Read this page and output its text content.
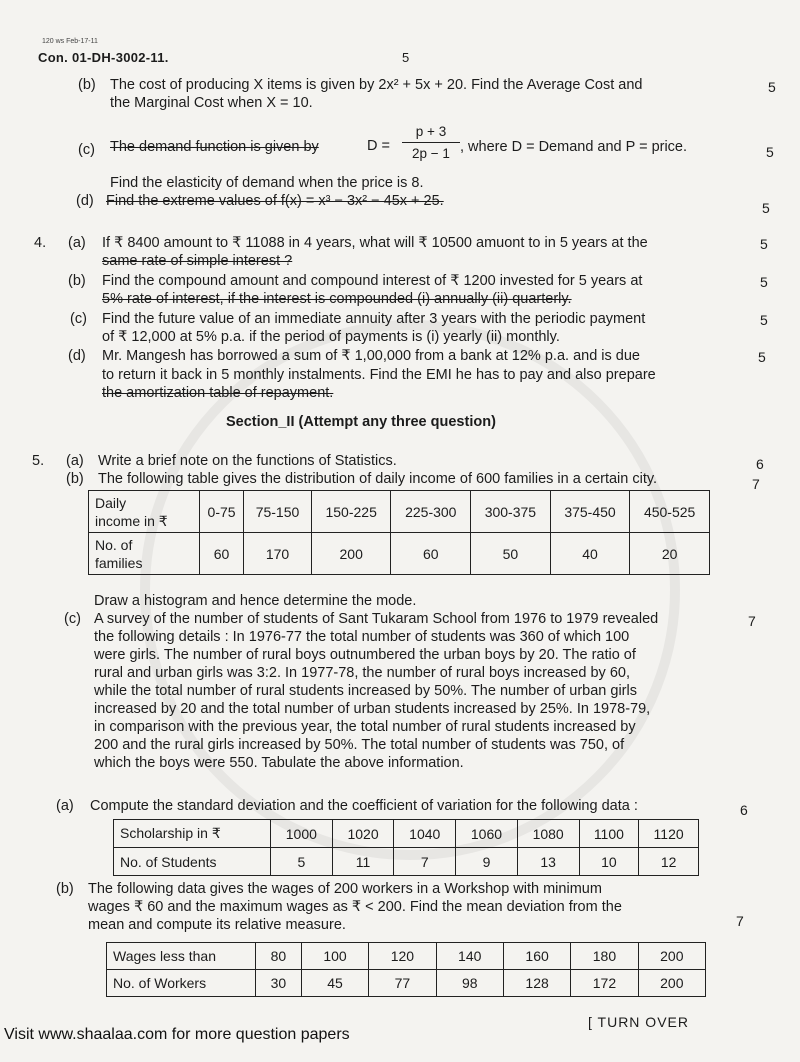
120 ws Feb-17-11
Con. 01-DH-3002-11.	5
(b) The cost of producing X items is given by 2x² + 5x + 20. Find the Average Cost and
the Marginal Cost when X = 10.
5
(c) The demand function is given by	D =
p + 3
2p − 1 , where D = Demand and P = price.	5
Find the elasticity of demand when the price is 8.
(d) Find the extreme values of f(x) = x³ − 3x² − 45x + 25.	5
4. (a) If ₹ 8400 amount to ₹ 11088 in 4 years, what will ₹ 10500 amuont to in 5 years at the
same rate of simple interest ?
5
(b) Find the compound amount and compound interest of ₹ 1200 invested for 5 years at
5% rate of interest, if the interest is compounded (i) annually (ii) quarterly.
5
(c) Find the future value of an immediate annuity after 3 years with the periodic payment
of ₹ 12,000 at 5% p.a. if the period of payments is (i) yearly (ii) monthly.
5
(d) Mr. Mangesh has borrowed a sum of ₹ 1,00,000 from a bank at 12% p.a. and is due
to return it back in 5 monthly instalments. Find the EMI he has to pay and also prepare
the amortization table of repayment.
5
Section_II (Attempt any three question)
5. (a) Write a brief note on the functions of Statistics.	6
(b) The following table gives the distribution of daily income of 600 families in a certain city.	7
Daily
income in ₹	0-75	75-150	150-225	225-300	300-375	375-450	450-525
No. of
families	60	170	200	60	50	40	20
Draw a histogram and hence determine the mode.
(c)	7
A survey of the number of students of Sant Tukaram School from 1976 to 1979 revealed
the following details : In 1976-77 the total number of students was 360 of which 100
were girls. The number of rural boys outnumbered the urban boys by 20. The ratio of
rural and urban girls was 3:2. In 1977-78, the number of rural boys increased by 60,
while the total number of rural students increased by 50%. The number of urban girls
increased by 20 and the total number of urban students increased by 25%. In 1978-79,
in comparison with the previous year, the total number of rural students increased by
200 and the rural girls increased by 50%. The total number of students was 750, of
which the boys were 550. Tabulate the above information.
(a) Compute the standard deviation and the coefficient of variation for the following data :	6
Scholarship in ₹	1000	1020	1040	1060	1080	1100	1120
No. of Students	5	11	7	9	13	10	12
(b) The following data gives the wages of 200 workers in a Workshop with minimum
wages ₹ 60 and the maximum wages as ₹ < 200. Find the mean deviation from the
mean and compute its relative measure.	7
Wages less than	80	100	120	140	160	180	200
No. of Workers	30	45	77	98	128	172	200
Visit www.shaalaa.com for more question papers
[ TURN OVER
